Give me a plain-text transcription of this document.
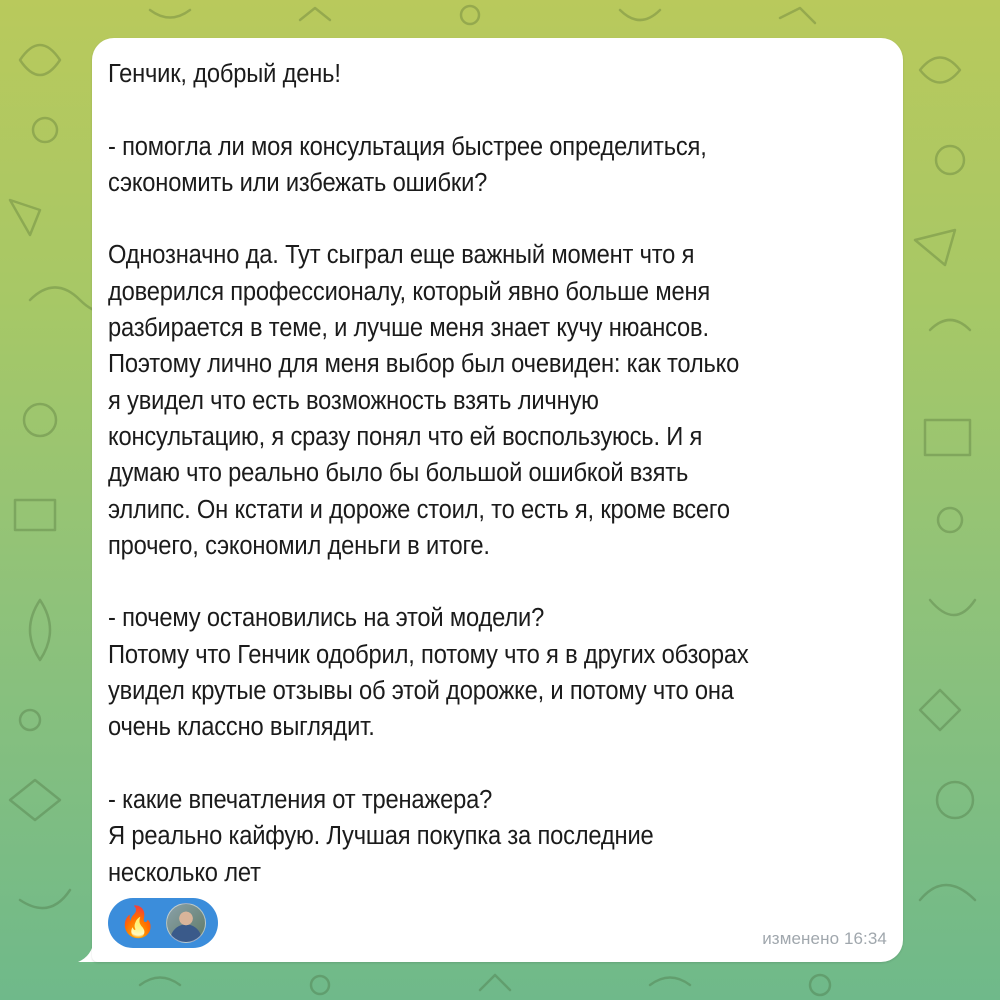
Генчик, добрый день!

- помогла ли моя консультация быстрее определиться,
сэкономить или избежать ошибки?

Однозначно да. Тут сыграл еще важный момент что я
доверился профессионалу, который явно больше меня
разбирается в теме, и лучше меня знает кучу нюансов.
Поэтому лично для меня выбор был очевиден: как только
я увидел что есть возможность взять личную
консультацию, я сразу понял что ей воспользуюсь. И я
думаю что реально было бы большой ошибкой взять
эллипс. Он кстати и дороже стоил, то есть я, кроме всего
прочего, сэкономил деньги в итоге.

- почему остановились на этой модели?
Потому что Генчик одобрил, потому что я в других обзорах
увидел крутые отзывы об этой дорожке, и потому что она
очень классно выглядит.

- какие впечатления от тренажера?
Я реально кайфую. Лучшая покупка за последние
несколько лет
🔥	изменено 16:34
